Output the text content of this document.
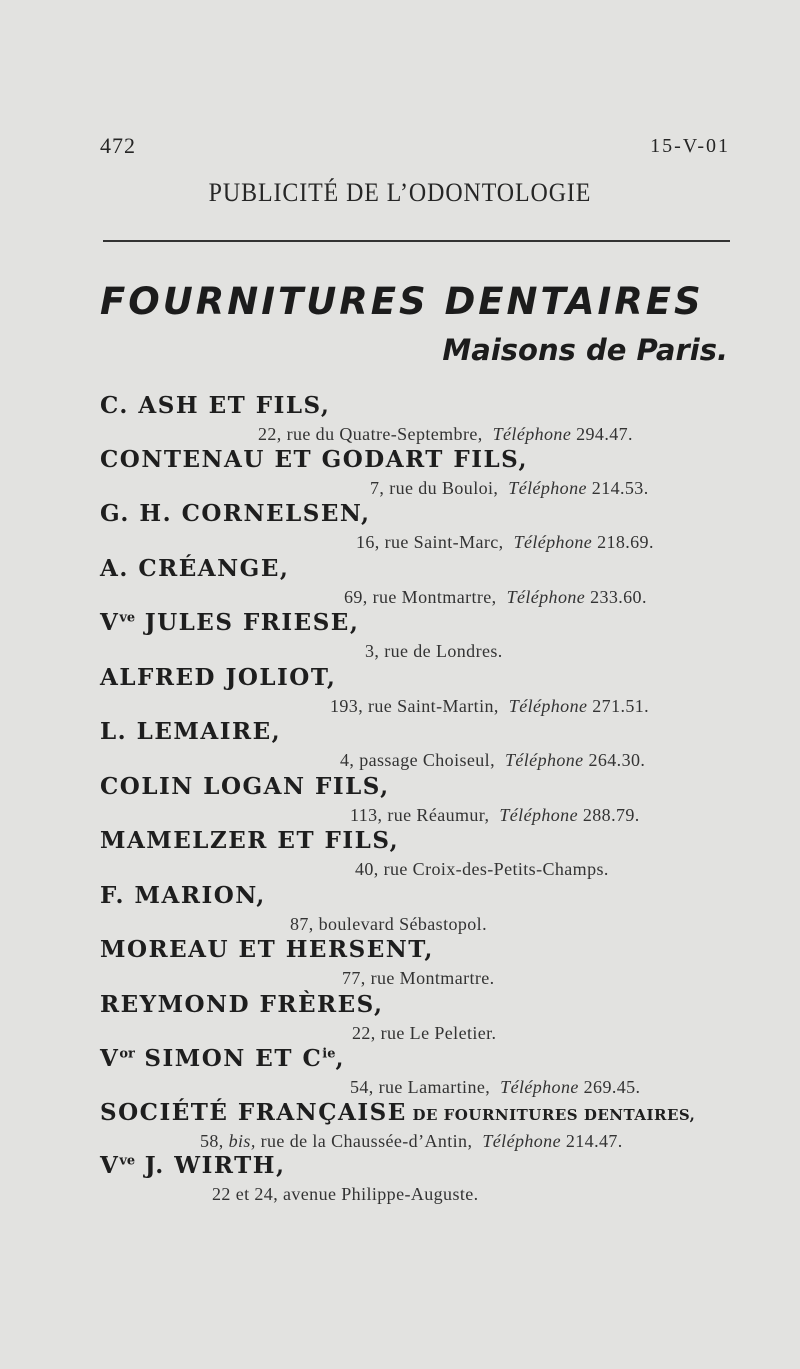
472	15-V-01
PUBLICITÉ DE L’ODONTOLOGIE
FOURNITURES DENTAIRES
Maisons de Paris.
C. ASH ET FILS,
22, rue du Quatre-Septembre, Téléphone 294.47.
CONTENAU ET GODART FILS,
7, rue du Bouloi, Téléphone 214.53.
G. H. CORNELSEN,
16, rue Saint-Marc, Téléphone 218.69.
A. CRÉANGE,
69, rue Montmartre, Téléphone 233.60.
$V^{ve}$ JULES FRIESE,
3, rue de Londres.
ALFRED JOLIOT,
193, rue Saint-Martin, Téléphone 271.51.
L. LEMAIRE,
4, passage Choiseul, Téléphone 264.30.
COLIN LOGAN FILS,
113, rue Réaumur, Téléphone 288.79.
MAMELZER ET FILS,
40, rue Croix-des-Petits-Champs.
F. MARION,
87, boulevard Sébastopol.
MOREAU ET HERSENT,
77, rue Montmartre.
REYMOND FRÈRES,
22, rue Le Peletier.
$V^{or}$ SIMON ET $C^{ie}$,
54, rue Lamartine, Téléphone 269.45.
SOCIÉTÉ FRANÇAISE DE FOURNITURES DENTAIRES,
58, bis, rue de la Chaussée-d’Antin, Téléphone 214.47.
$V^{ve}$ J. WIRTH,
22 et 24, avenue Philippe-Auguste.
